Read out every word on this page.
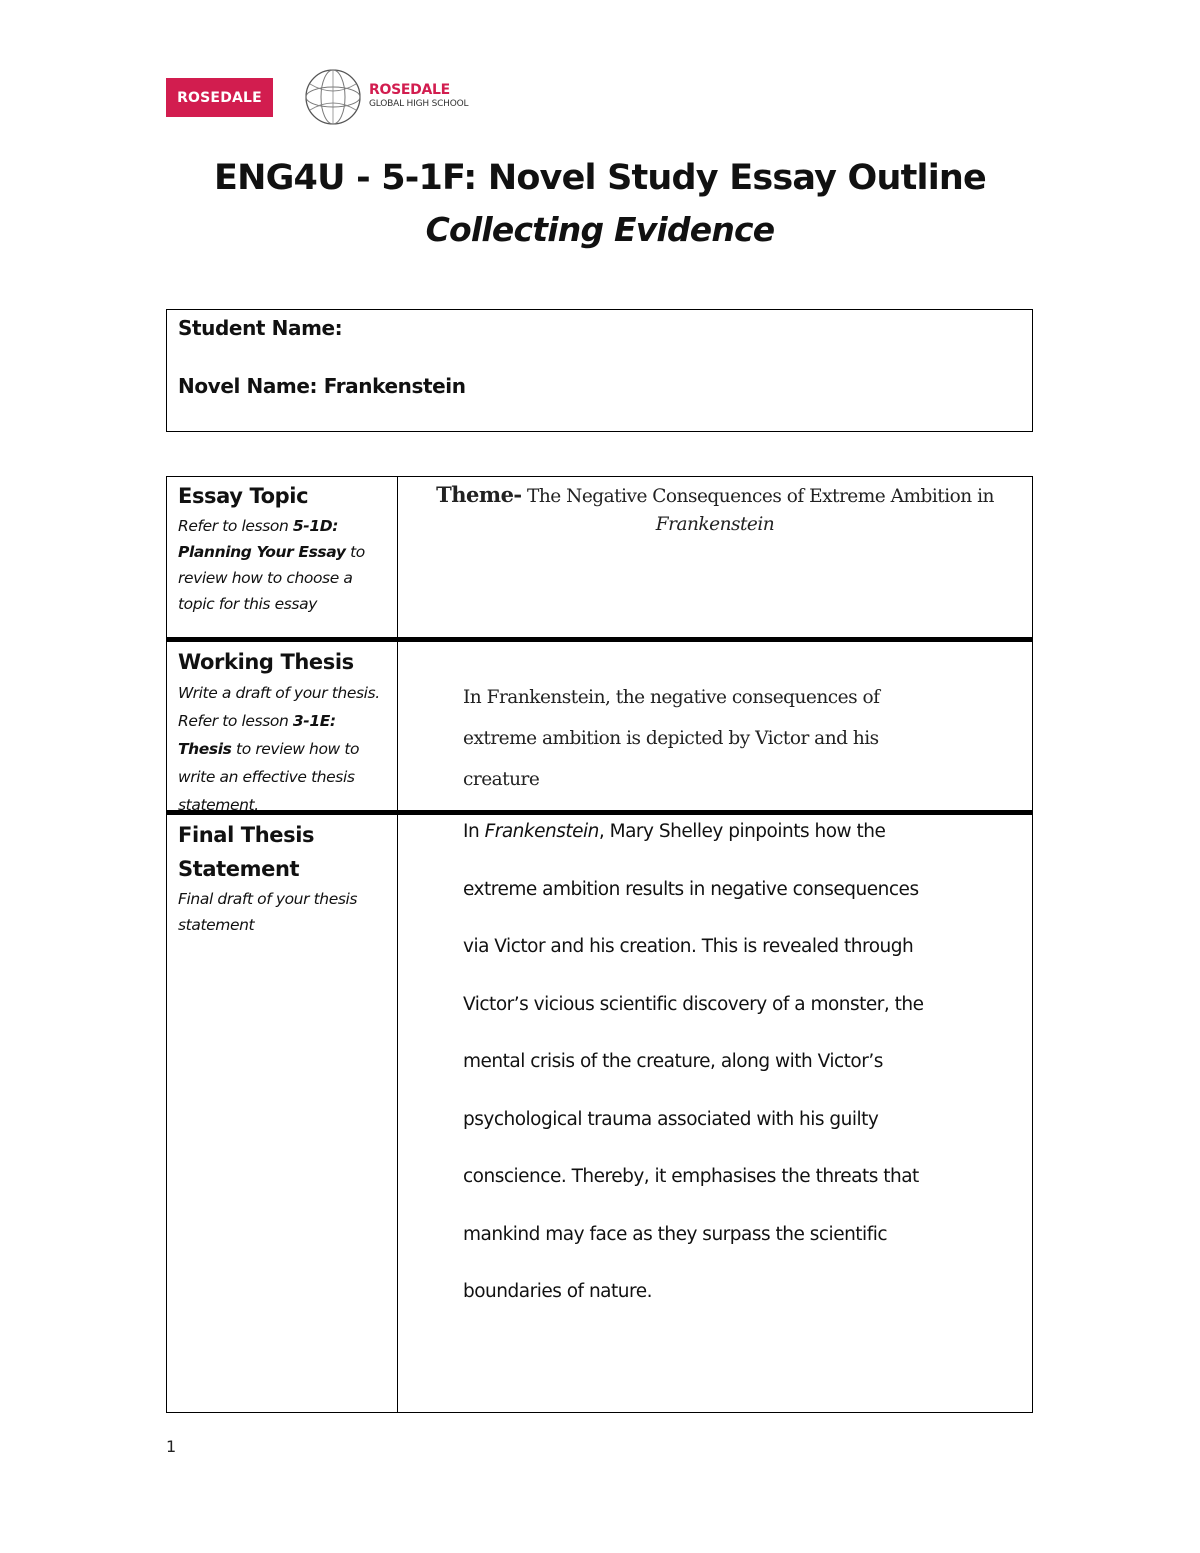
ROSEDALE	ROSEDALE
GLOBAL HIGH SCHOOL
ENG4U - 5-1F: Novel Study Essay Outline
Collecting Evidence
Student Name:
Novel Name: Frankenstein
Essay Topic
Refer to lesson 5-1D: Planning Your Essay to review how to choose a topic for this essay
Theme- The Negative Consequences of Extreme Ambition in Frankenstein
Working Thesis
Write a draft of your thesis. Refer to lesson 3-1E: Thesis to review how to write an effective thesis statement.
In Frankenstein, the negative consequences of extreme ambition is depicted by Victor and his creature
Final Thesis Statement
Final draft of your thesis statement
In Frankenstein, Mary Shelley pinpoints how the
extreme ambition results in negative consequences
via Victor and his creation. This is revealed through
Victor’s vicious scientific discovery of a monster, the
mental crisis of the creature, along with Victor’s
psychological trauma associated with his guilty
conscience. Thereby, it emphasises the threats that
mankind may face as they surpass the scientific
boundaries of nature.
1
